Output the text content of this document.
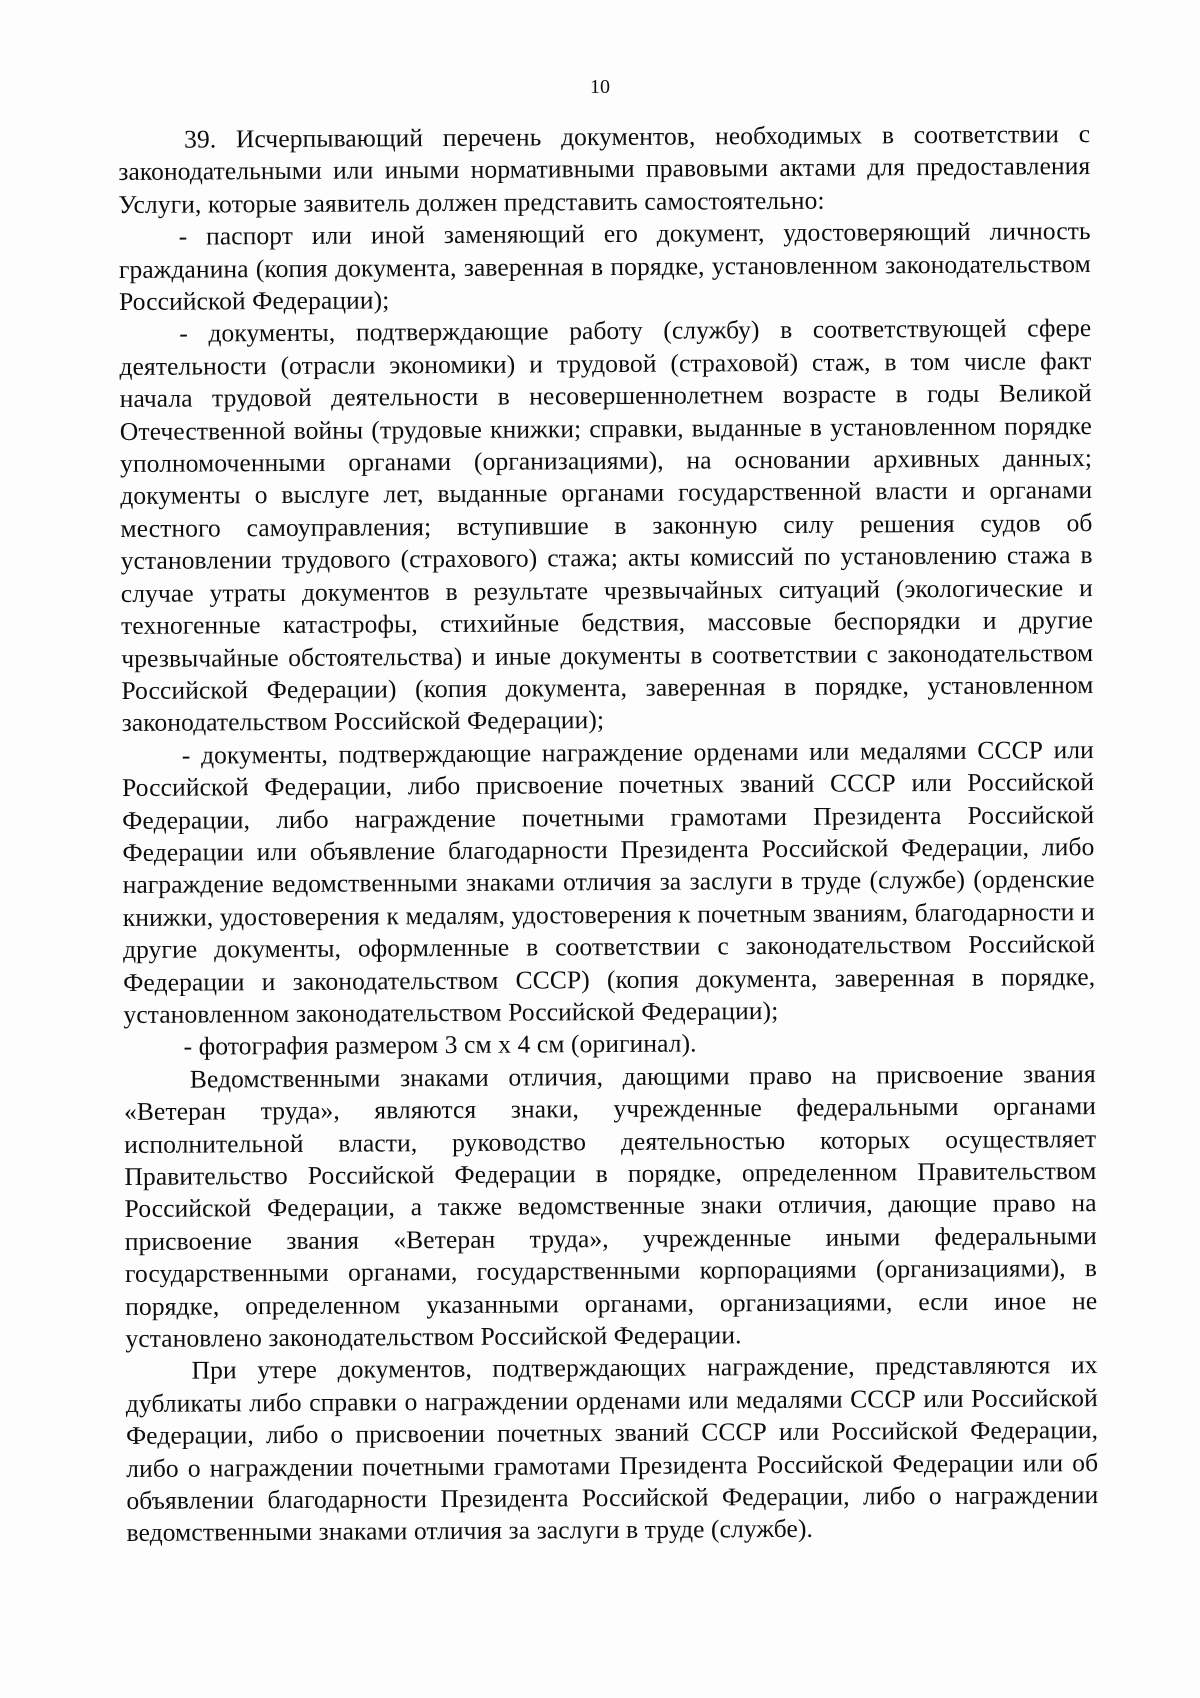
10

39. Исчерпывающий перечень документов, необходимых в соответствии с законодательными или иными нормативными правовыми актами для предоставления Услуги, которые заявитель должен представить самостоятельно:

- паспорт или иной заменяющий его документ, удостоверяющий личность гражданина (копия документа, заверенная в порядке, установленном законодательством Российской Федерации);

- документы, подтверждающие работу (службу) в соответствующей сфере деятельности (отрасли экономики) и трудовой (страховой) стаж, в том числе факт начала трудовой деятельности в несовершеннолетнем возрасте в годы Великой Отечественной войны (трудовые книжки; справки, выданные в установленном порядке уполномоченными органами (организациями), на основании архивных данных; документы о выслуге лет, выданные органами государственной власти и органами местного самоуправления; вступившие в законную силу решения судов об установлении трудового (страхового) стажа; акты комиссий по установлению стажа в случае утраты документов в результате чрезвычайных ситуаций (экологические и техногенные катастрофы, стихийные бедствия, массовые беспорядки и другие чрезвычайные обстоятельства) и иные документы в соответствии с законодательством Российской Федерации) (копия документа, заверенная в порядке, установленном законодательством Российской Федерации);

- документы, подтверждающие награждение орденами или медалями СССР или Российской Федерации, либо присвоение почетных званий СССР или Российской Федерации, либо награждение почетными грамотами Президента Российской Федерации или объявление благодарности Президента Российской Федерации, либо награждение ведомственными знаками отличия за заслуги в труде (службе) (орденские книжки, удостоверения к медалям, удостоверения к почетным званиям, благодарности и другие документы, оформленные в соответствии с законодательством Российской Федерации и законодательством СССР) (копия документа, заверенная в порядке, установленном законодательством Российской Федерации);

- фотография размером 3 см x 4 см (оригинал).

Ведомственными знаками отличия, дающими право на присвоение звания «Ветеран труда», являются знаки, учрежденные федеральными органами исполнительной власти, руководство деятельностью которых осуществляет Правительство Российской Федерации в порядке, определенном Правительством Российской Федерации, а также ведомственные знаки отличия, дающие право на присвоение звания «Ветеран труда», учрежденные иными федеральными государственными органами, государственными корпорациями (организациями), в порядке, определенном указанными органами, организациями, если иное не установлено законодательством Российской Федерации.

При утере документов, подтверждающих награждение, представляются их дубликаты либо справки о награждении орденами или медалями СССР или Российской Федерации, либо о присвоении почетных званий СССР или Российской Федерации, либо о награждении почетными грамотами Президента Российской Федерации или об объявлении благодарности Президента Российской Федерации, либо о награждении ведомственными знаками отличия за заслуги в труде (службе).
